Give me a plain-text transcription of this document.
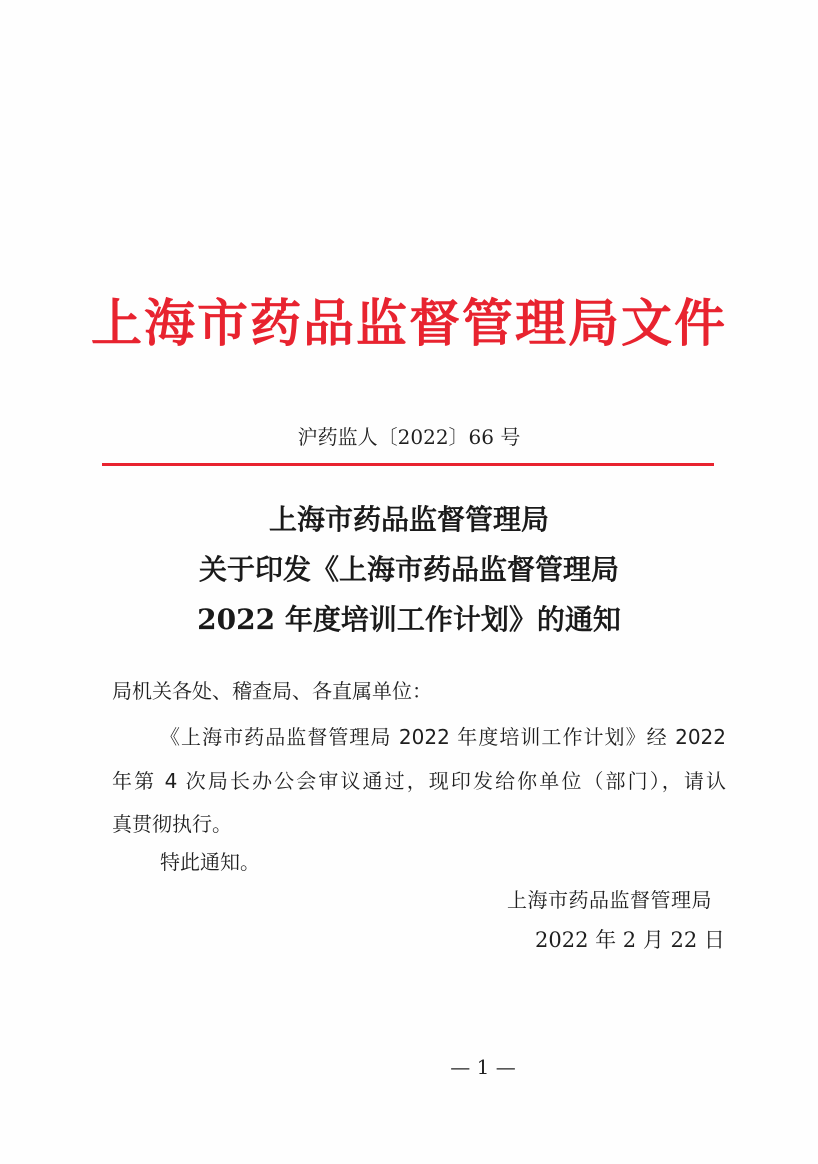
上海市药品监督管理局文件
沪药监人〔2022〕66 号
上海市药品监督管理局
关于印发《上海市药品监督管理局
2022 年度培训工作计划》的通知
局机关各处、稽查局、各直属单位：
《上海市药品监督管理局 2022 年度培训工作计划》经 2022
年第 4 次局长办公会审议通过，现印发给你单位（部门），请认
真贯彻执行。
特此通知。
上海市药品监督管理局
2022 年 2 月 22 日
— 1 —
